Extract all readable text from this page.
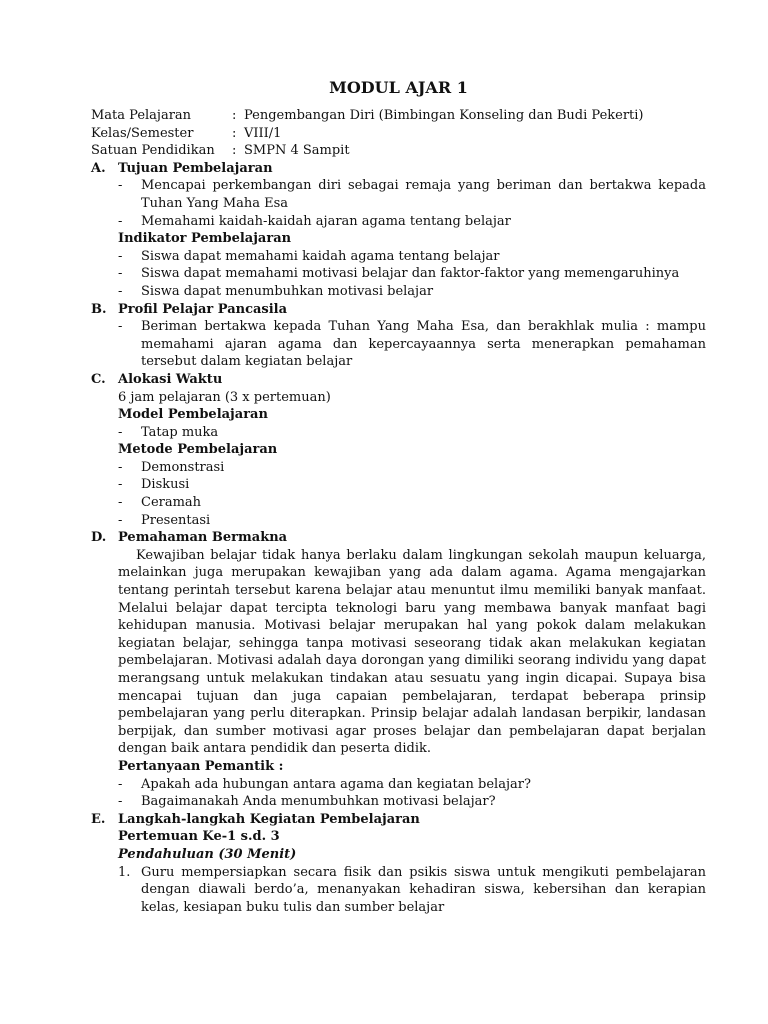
MODUL AJAR 1
Mata Pelajaran	: Pengembangan Diri (Bimbingan Konseling dan Budi Pekerti)
Kelas/Semester	: VIII/1
Satuan Pendidikan	: SMPN 4 Sampit
A. Tujuan Pembelajaran
-	Mencapai perkembangan diri sebagai remaja yang beriman dan bertakwa kepada Tuhan Yang Maha Esa
-	Memahami kaidah-kaidah ajaran agama tentang belajar
Indikator Pembelajaran
-	Siswa dapat memahami kaidah agama tentang belajar
-	Siswa dapat memahami motivasi belajar dan faktor-faktor yang memengaruhinya
-	Siswa dapat menumbuhkan motivasi belajar
B. Profil Pelajar Pancasila
-	Beriman bertakwa kepada Tuhan Yang Maha Esa, dan berakhlak mulia : mampu memahami ajaran agama dan kepercayaannya serta menerapkan pemahaman tersebut dalam kegiatan belajar
C. Alokasi Waktu
6 jam pelajaran (3 x pertemuan)
Model Pembelajaran
-	Tatap muka
Metode Pembelajaran
-	Demonstrasi
-	Diskusi
-	Ceramah
-	Presentasi
D. Pemahaman Bermakna
Kewajiban belajar tidak hanya berlaku dalam lingkungan sekolah maupun keluarga, melainkan juga merupakan kewajiban yang ada dalam agama. Agama mengajarkan tentang perintah tersebut karena belajar atau menuntut ilmu memiliki banyak manfaat. Melalui belajar dapat tercipta teknologi baru yang membawa banyak manfaat bagi kehidupan manusia. Motivasi belajar merupakan hal yang pokok dalam melakukan kegiatan belajar, sehingga tanpa motivasi seseorang tidak akan melakukan kegiatan pembelajaran. Motivasi adalah daya dorongan yang dimiliki seorang individu yang dapat merangsang untuk melakukan tindakan atau sesuatu yang ingin dicapai. Supaya bisa mencapai tujuan dan juga capaian pembelajaran, terdapat beberapa prinsip pembelajaran yang perlu diterapkan. Prinsip belajar adalah landasan berpikir, landasan berpijak, dan sumber motivasi agar proses belajar dan pembelajaran dapat berjalan dengan baik antara pendidik dan peserta didik.
Pertanyaan Pemantik :
-	Apakah ada hubungan antara agama dan kegiatan belajar?
-	Bagaimanakah Anda menumbuhkan motivasi belajar?
E. Langkah-langkah Kegiatan Pembelajaran
Pertemuan Ke-1 s.d. 3
Pendahuluan (30 Menit)
1. Guru mempersiapkan secara fisik dan psikis siswa untuk mengikuti pembelajaran dengan diawali berdo’a, menanyakan kehadiran siswa, kebersihan dan kerapian kelas, kesiapan buku tulis dan sumber belajar
